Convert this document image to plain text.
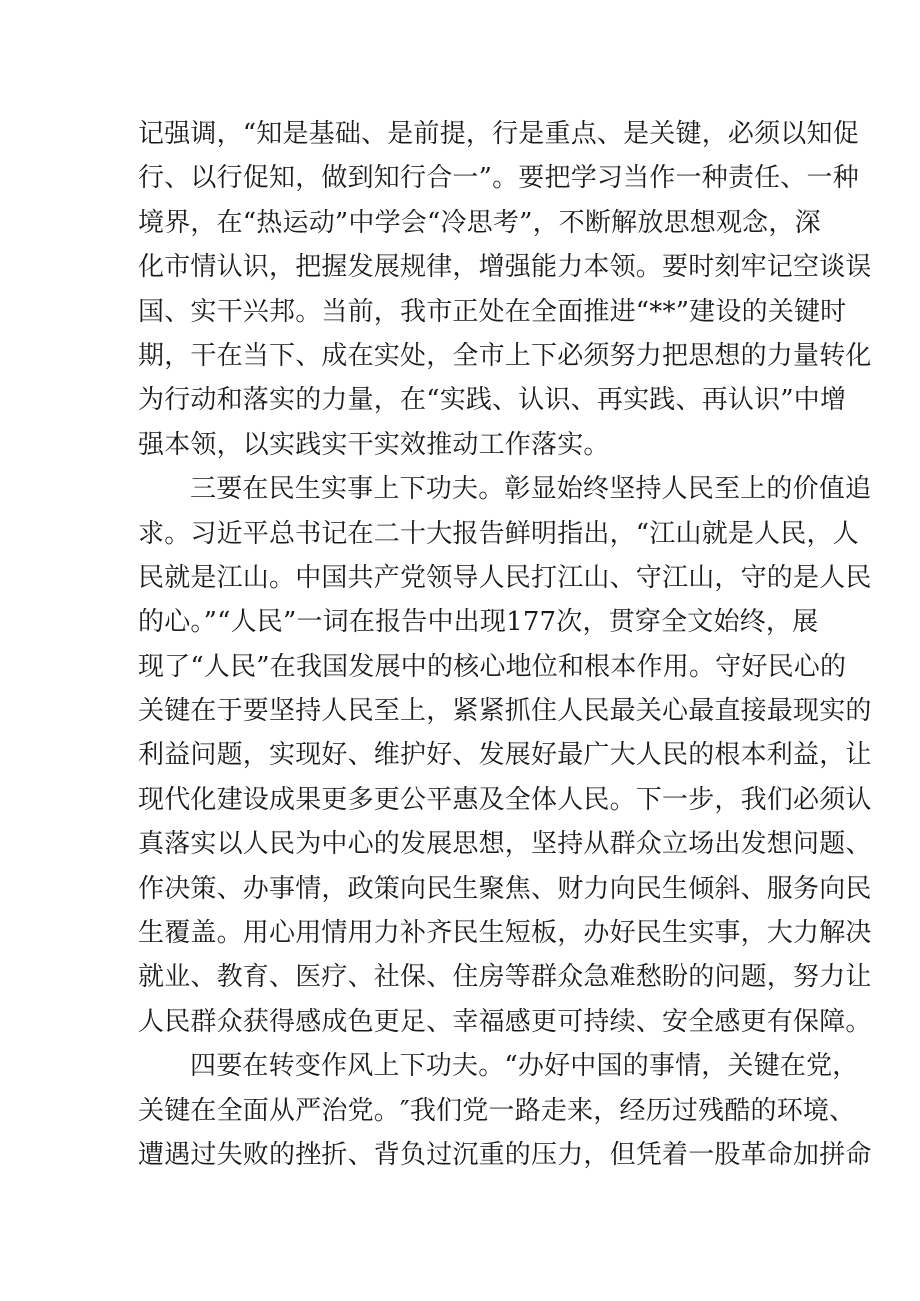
记强调，“知是基础、是前提，行是重点、是关键，必须以知促
行、以行促知，做到知行合一”。要把学习当作一种责任、一种
境界，在“热运动”中学会“冷思考”，不断解放思想观念，深
化市情认识，把握发展规律，增强能力本领。要时刻牢记空谈误
国、实干兴邦。当前，我市正处在全面推进“**”建设的关键时
期，干在当下、成在实处，全市上下必须努力把思想的力量转化
为行动和落实的力量，在“实践、认识、再实践、再认识”中增
强本领，以实践实干实效推动工作落实。
三要在民生实事上下功夫。彰显始终坚持人民至上的价值追
求。习近平总书记在二十大报告鲜明指出，“江山就是人民，人
民就是江山。中国共产党领导人民打江山、守江山，守的是人民
的心。”“人民”一词在报告中出现177次，贯穿全文始终，展
现了“人民”在我国发展中的核心地位和根本作用。守好民心的
关键在于要坚持人民至上，紧紧抓住人民最关心最直接最现实的
利益问题，实现好、维护好、发展好最广大人民的根本利益，让
现代化建设成果更多更公平惠及全体人民。下一步，我们必须认
真落实以人民为中心的发展思想，坚持从群众立场出发想问题、
作决策、办事情，政策向民生聚焦、财力向民生倾斜、服务向民
生覆盖。用心用情用力补齐民生短板，办好民生实事，大力解决
就业、教育、医疗、社保、住房等群众急难愁盼的问题，努力让
人民群众获得感成色更足、幸福感更可持续、安全感更有保障。
四要在转变作风上下功夫。“办好中国的事情，关键在党，
关键在全面从严治党。″我们党一路走来，经历过残酷的环境、
遭遇过失败的挫折、背负过沉重的压力，但凭着一股革命加拼命
